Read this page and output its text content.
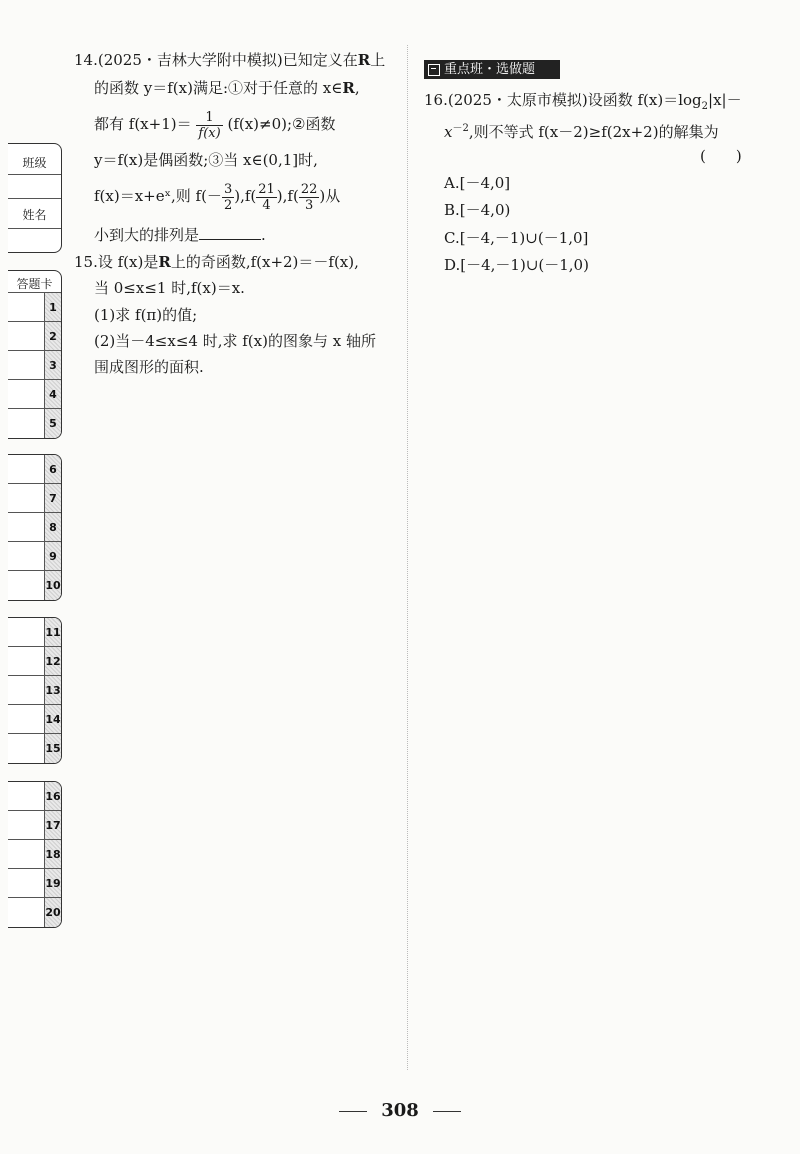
班级
姓名
答题卡
1
2
3
4
5
6
7
8
9
10
11
12
13
14
15
16
17
18
19
20
14.(2025・吉林大学附中模拟)已知定义在R上
的函数 y＝f(x)满足:①对于任意的 x∈R,
都有 $f(x+1)= \frac{1}{f(x)}$ (f(x)≠0);②函数
y＝f(x)是偶函数;③当 x∈(0,1]时,
f(x)＝x+eˣ,则 $f(- \frac{3}{2} ),f( \frac{21}{4} ),f( \frac{22}{3}$ )从
小到大的排列是	.
15.设 f(x)是R上的奇函数,f(x+2)＝－f(x),
当 0≤x≤1 时,f(x)＝x.
(1)求 f(π)的值;
(2)当－4≤x≤4 时,求 f(x)的图象与 x 轴所
围成图形的面积.
重点班・选做题
16.(2025・太原市模拟)设函数 $f(x)=\log_2|x|-$
$x^{-2}$,则不等式 f(x－2)≥f(2x+2)的解集为
(　　)
A.[－4,0]
B.[－4,0)
C.[－4,－1)∪(－1,0]
D.[－4,－1)∪(－1,0)
308
